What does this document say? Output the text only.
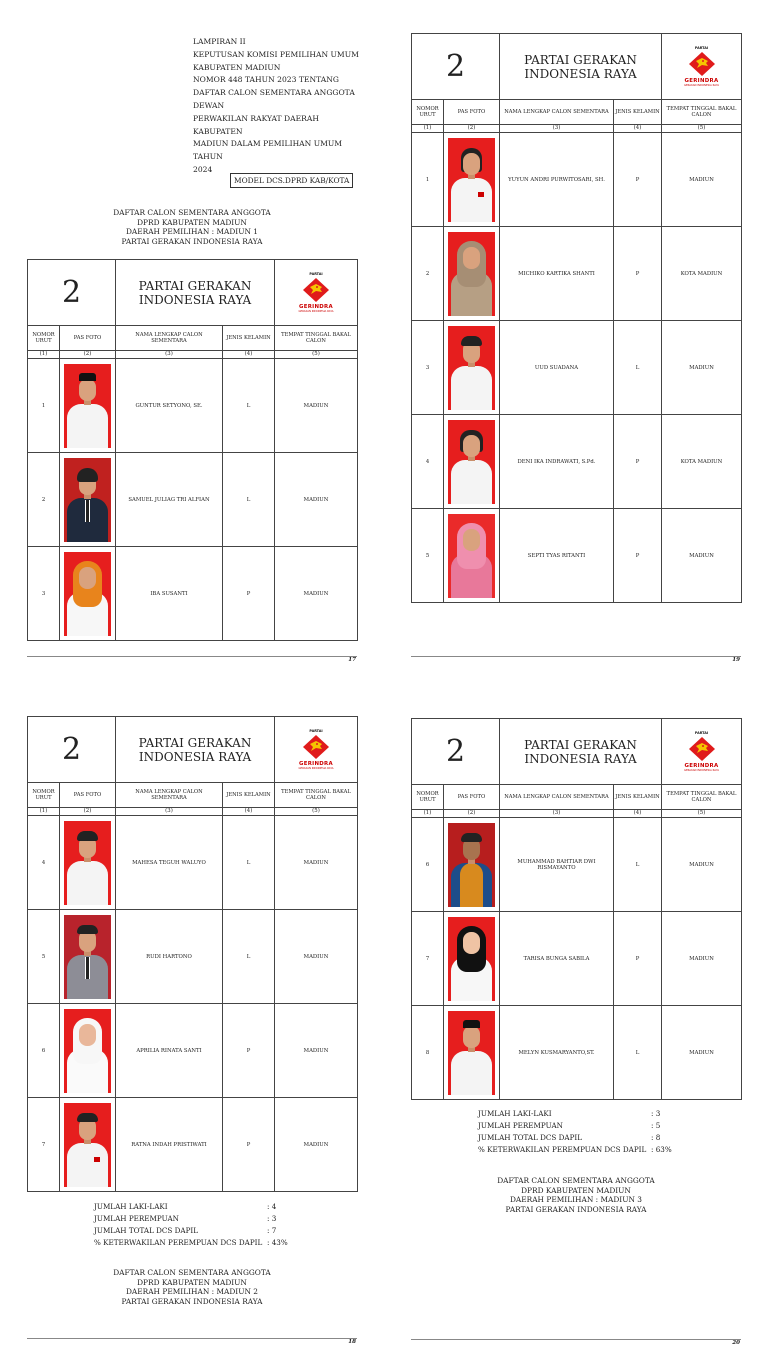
LAMPIRAN II
KEPUTUSAN KOMISI PEMILIHAN UMUM
KABUPATEN MADIUN
NOMOR 448 TAHUN 2023 TENTANG
DAFTAR CALON SEMENTARA ANGGOTA DEWAN
PERWAKILAN RAKYAT DAERAH KABUPATEN
MADIUN DALAM PEMILIHAN UMUM TAHUN
2024
MODEL DCS.DPRD KAB/KOTA
DAFTAR CALON SEMENTARA ANGGOTA
DPRD KABUPATEN MADIUN
DAERAH PEMILIHAN : MADIUN 1
PARTAI GERAKAN INDONESIA RAYA
2		PARTAI GERAKAN INDONESIA RAYA		PARTAI
GERINDRA
GERAKAN INDONESIA RAYA

NOMOR URUT	PAS FOTO	NAMA LENGKAP CALON SEMENTARA	JENIS KELAMIN	TEMPAT TINGGAL BAKAL CALON
(1)	(2)	(3)	(4)	(5)
1		GUNTUR SETYONO, SE.	L	MADIUN
2		SAMUEL JULIAG TRI ALFIAN	L	MADIUN
3		IBA SUSANTI	P	MADIUN
17
2		PARTAI GERAKAN INDONESIA RAYA		PARTAI
GERINDRA
GERAKAN INDONESIA RAYA

NOMOR URUT	PAS FOTO	NAMA LENGKAP CALON SEMENTARA	JENIS KELAMIN	TEMPAT TINGGAL BAKAL CALON
(1)	(2)	(3)	(4)	(5)
1		YUYUN ANDRI PURWITOSARI, SH.	P	MADIUN
2		MICHIKO KARTIKA SHANTI	P	KOTA MADIUN
3		UUD SUADANA	L	MADIUN
4		DENI IKA INDRAWATI, S.Pd.	P	KOTA MADIUN
5		SEPTI TYAS RITANTI	P	MADIUN
19
2		PARTAI GERAKAN INDONESIA RAYA		PARTAI
GERINDRA
GERAKAN INDONESIA RAYA

NOMOR URUT	PAS FOTO	NAMA LENGKAP CALON SEMENTARA	JENIS KELAMIN	TEMPAT TINGGAL BAKAL CALON
(1)	(2)	(3)	(4)	(5)
4		MAHESA TEGUH WALUYO	L	MADIUN
5		RUDI HARTONO	L	MADIUN
6		APRILIA RINATA SANTI	P	MADIUN
7		RATNA INDAH PRISTIWATI	P	MADIUN
JUMLAH LAKI-LAKI	: 4
JUMLAH PEREMPUAN	: 3
JUMLAH TOTAL DCS DAPIL	: 7
% KETERWAKILAN PEREMPUAN DCS DAPIL : 43%
DAFTAR CALON SEMENTARA ANGGOTA
DPRD KABUPATEN MADIUN
DAERAH PEMILIHAN : MADIUN 2
PARTAI GERAKAN INDONESIA RAYA
18
2		PARTAI GERAKAN INDONESIA RAYA		PARTAI
GERINDRA
GERAKAN INDONESIA RAYA

NOMOR URUT	PAS FOTO	NAMA LENGKAP CALON SEMENTARA	JENIS KELAMIN	TEMPAT TINGGAL BAKAL CALON
(1)	(2)	(3)	(4)	(5)
6		MUHAMMAD BAHTIAR DWI RISMAYANTO	L	MADIUN
7		TARISA BUNGA SABILA	P	MADIUN
8		MELYN KUSMARYANTO,ST.	L	MADIUN
JUMLAH LAKI-LAKI	: 3
JUMLAH PEREMPUAN	: 5
JUMLAH TOTAL DCS DAPIL	: 8
% KETERWAKILAN PEREMPUAN DCS DAPIL : 63%
DAFTAR CALON SEMENTARA ANGGOTA
DPRD KABUPATEN MADIUN
DAERAH PEMILIHAN : MADIUN 3
PARTAI GERAKAN INDONESIA RAYA
20
